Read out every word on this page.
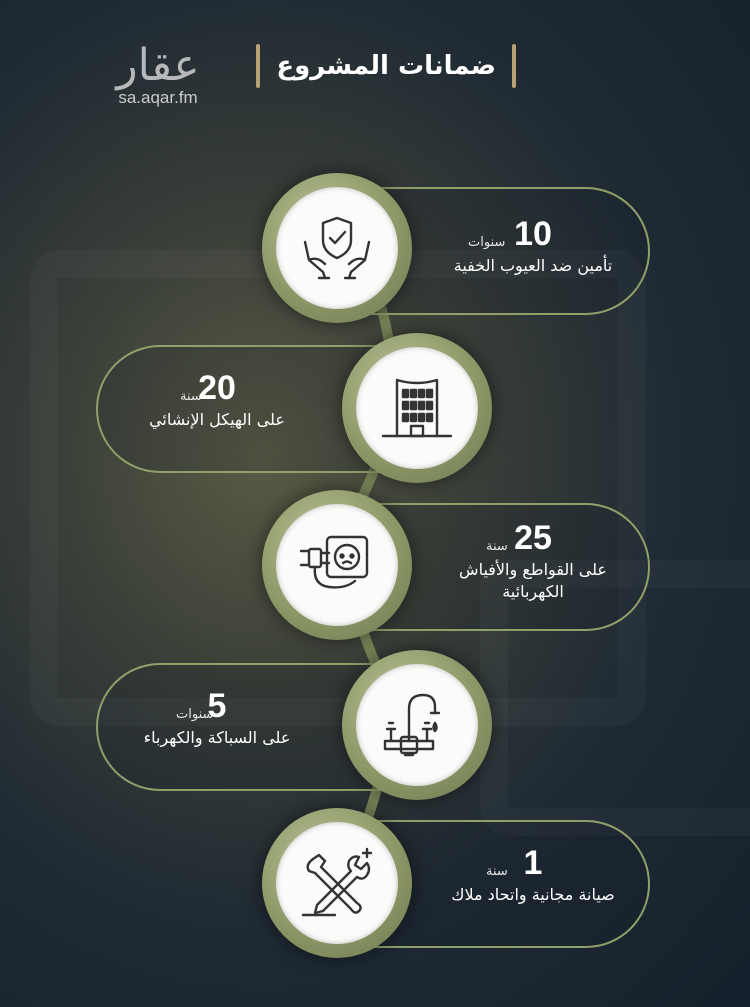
ضمانات المشروع
عقار
sa.aqar.fm
سنوات 10
تأمين ضد العيوب الخفية
سنة
20
على الهيكل الإنشائي
سنة 25
على القواطع والأفياش
الكهربائية
سنوات
5
على السباكة والكهرباء
سنة 1
صيانة مجانية واتحاد ملاك
